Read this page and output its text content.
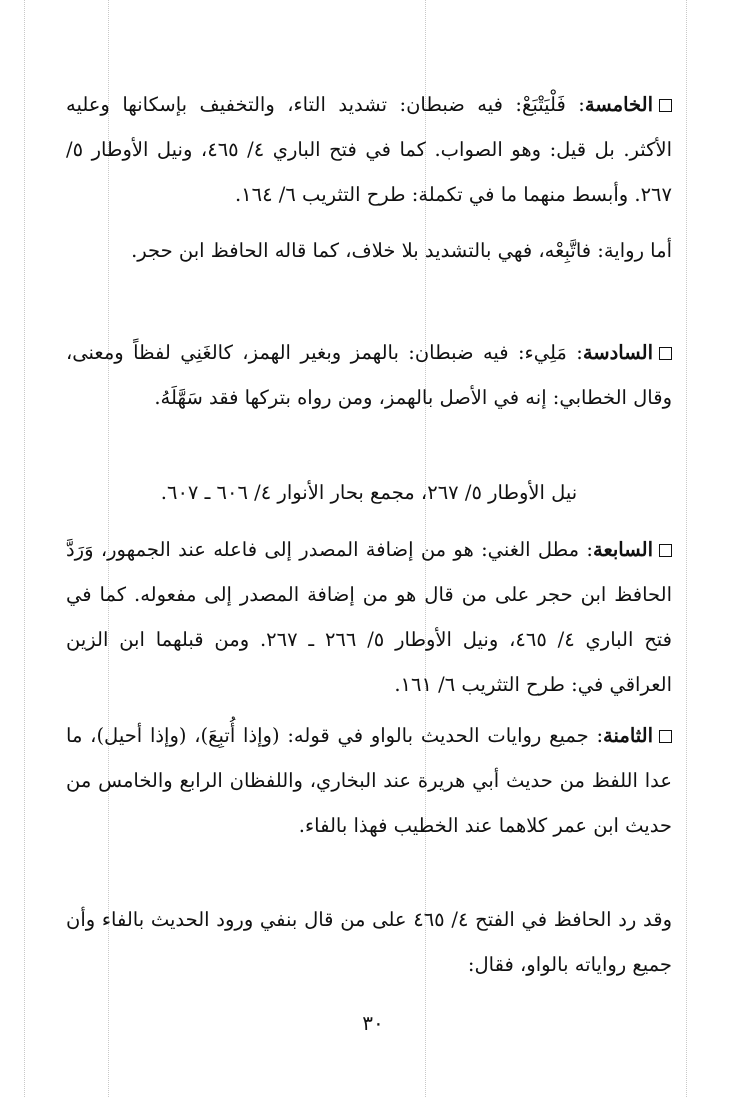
الخامسة: فَلْيَتْبَعْ: فيه ضبطان: تشديد التاء، والتخفيف بإسكانها وعليه الأكثر. بل قيل: وهو الصواب. كما في فتح الباري ٤/ ٤٦٥، ونيل الأوطار ٥/ ٢٦٧. وأبسط منهما ما في تكملة: طرح التثريب ٦/ ١٦٤.

أما رواية: فاتَّبِعْه، فهي بالتشديد بلا خلاف، كما قاله الحافظ ابن حجر.

السادسة: مَلِيء: فيه ضبطان: بالهمز وبغير الهمز، كالغَنِي لفظاً ومعنى، وقال الخطابي: إنه في الأصل بالهمز، ومن رواه بتركها فقد سَهَّلَهُ.

نيل الأوطار ٥/ ٢٦٧، مجمع بحار الأنوار ٤/ ٦٠٦ ـ ٦٠٧.

السابعة: مطل الغني: هو من إضافة المصدر إلى فاعله عند الجمهور، وَرَدَّ الحافظ ابن حجر على من قال هو من إضافة المصدر إلى مفعوله. كما في فتح الباري ٤/ ٤٦٥، ونيل الأوطار ٥/ ٢٦٦ ـ ٢٦٧. ومن قبلهما ابن الزين العراقي في: طرح التثريب ٦/ ١٦١.

الثامنة: جميع روايات الحديث بالواو في قوله: (وإذا أُتبِعَ)، (وإذا أحيل)، ما عدا اللفظ من حديث أبي هريرة عند البخاري، واللفظان الرابع والخامس من حديث ابن عمر كلاهما عند الخطيب فهذا بالفاء.

وقد رد الحافظ في الفتح ٤/ ٤٦٥ على من قال بنفي ورود الحديث بالفاء وأن جميع رواياته بالواو، فقال:

٣٠
